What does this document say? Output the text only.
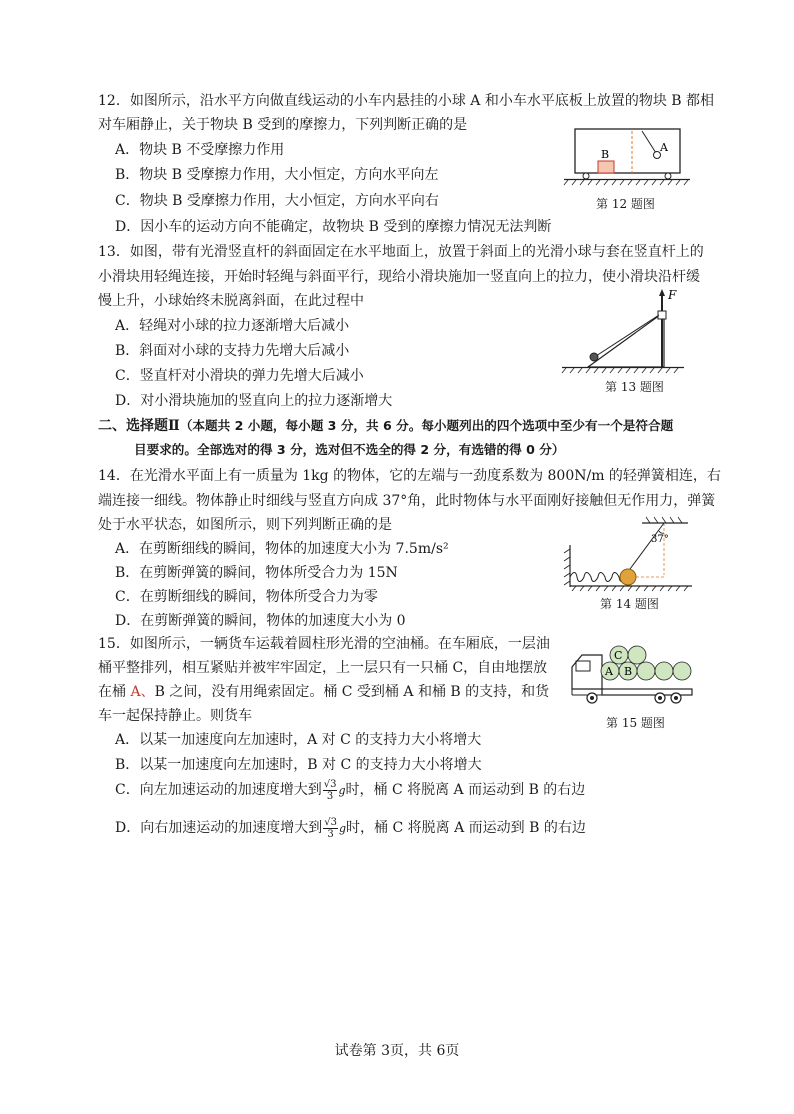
12．如图所示，沿水平方向做直线运动的小车内悬挂的小球 A 和小车水平底板上放置的物块 B 都相
对车厢静止，关于物块 B 受到的摩擦力，下列判断正确的是
A．物块 B 不受摩擦力作用
B．物块 B 受摩擦力作用，大小恒定，方向水平向左
C．物块 B 受摩擦力作用，大小恒定，方向水平向右
D．因小车的运动方向不能确定，故物块 B 受到的摩擦力情况无法判断
A
B
第 12 题图
13．如图，带有光滑竖直杆的斜面固定在水平地面上，放置于斜面上的光滑小球与套在竖直杆上的
小滑块用轻绳连接，开始时轻绳与斜面平行，现给小滑块施加一竖直向上的拉力，使小滑块沿杆缓
慢上升，小球始终未脱离斜面，在此过程中
A．轻绳对小球的拉力逐渐增大后减小
B．斜面对小球的支持力先增大后减小
C．竖直杆对小滑块的弹力先增大后减小
D．对小滑块施加的竖直向上的拉力逐渐增大
F
第 13 题图
二、选择题Ⅱ（本题共 2 小题，每小题 3 分，共 6 分。每小题列出的四个选项中至少有一个是符合题
目要求的。全部选对的得 3 分，选对但不选全的得 2 分，有选错的得 0 分）
14．在光滑水平面上有一质量为 1kg 的物体，它的左端与一劲度系数为 800N/m 的轻弹簧相连，右
端连接一细线。物体静止时细线与竖直方向成 37°角，此时物体与水平面刚好接触但无作用力，弹簧
处于水平状态，如图所示，则下列判断正确的是
A．在剪断细线的瞬间，物体的加速度大小为 7.5m/s²
B．在剪断弹簧的瞬间，物体所受合力为 15N
C．在剪断细线的瞬间，物体所受合力为零
D．在剪断弹簧的瞬间，物体的加速度大小为 0
37°
第 14 题图
15．如图所示，一辆货车运载着圆柱形光滑的空油桶。在车厢底，一层油
桶平整排列，相互紧贴并被牢牢固定，上一层只有一只桶 C，自由地摆放
在桶 A、B 之间，没有用绳索固定。桶 C 受到桶 A 和桶 B 的支持，和货
车一起保持静止。则货车
A．以某一加速度向左加速时，A 对 C 的支持力大小将增大
B．以某一加速度向左加速时，B 对 C 的支持力大小将增大
C．向左加速运动的加速度增大到 $\frac{√3}{3}$ g时，桶 C 将脱离 A 而运动到 B 的右边
D．向右加速运动的加速度增大到 $\frac{√3}{3}$ g时，桶 C 将脱离 A 而运动到 B 的右边
A B
C
第 15 题图
试卷第 3页，共 6页
